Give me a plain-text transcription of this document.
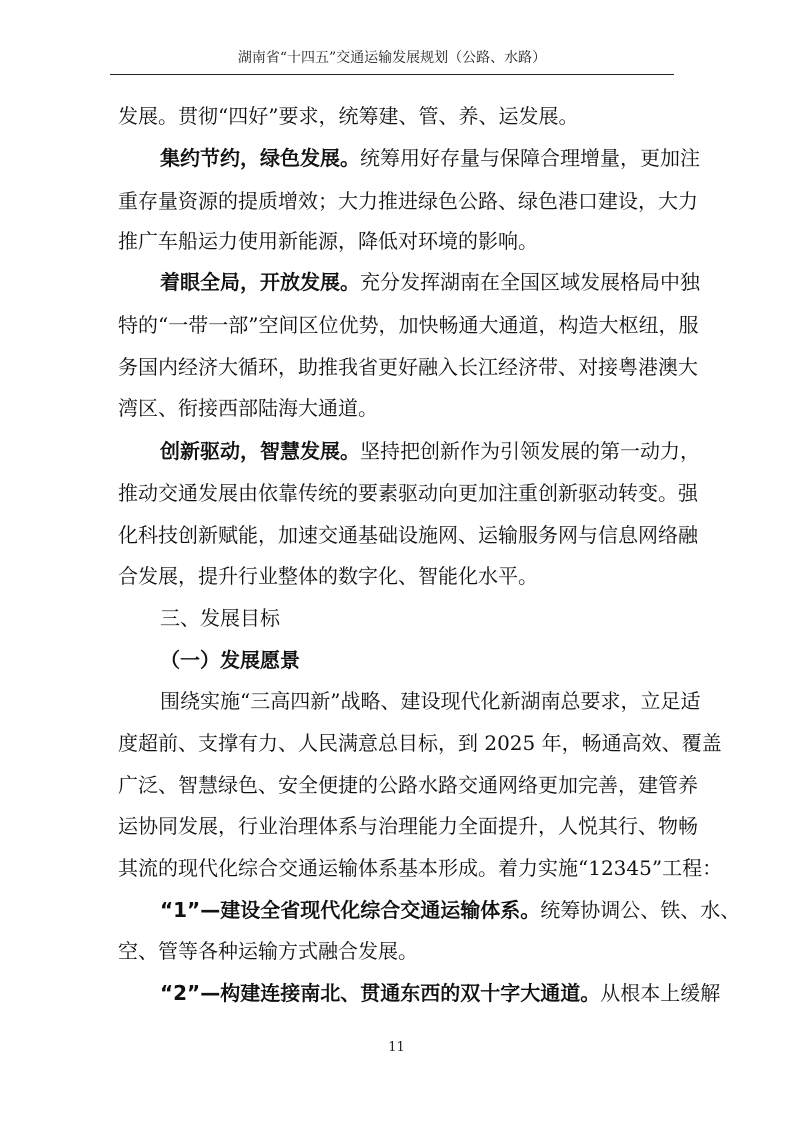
湖南省“十四五”交通运输发展规划（公路、水路）
发展。贯彻“四好”要求，统筹建、管、养、运发展。
集约节约，绿色发展。统筹用好存量与保障合理增量，更加注
重存量资源的提质增效；大力推进绿色公路、绿色港口建设，大力
推广车船运力使用新能源，降低对环境的影响。
着眼全局，开放发展。充分发挥湖南在全国区域发展格局中独
特的“一带一部”空间区位优势，加快畅通大通道，构造大枢纽，服
务国内经济大循环，助推我省更好融入长江经济带、对接粤港澳大
湾区、衔接西部陆海大通道。
创新驱动，智慧发展。坚持把创新作为引领发展的第一动力，
推动交通发展由依靠传统的要素驱动向更加注重创新驱动转变。强
化科技创新赋能，加速交通基础设施网、运输服务网与信息网络融
合发展，提升行业整体的数字化、智能化水平。
三、发展目标
（一）发展愿景
围绕实施“三高四新”战略、建设现代化新湖南总要求，立足适
度超前、支撑有力、人民满意总目标，到 2025 年，畅通高效、覆盖
广泛、智慧绿色、安全便捷的公路水路交通网络更加完善，建管养
运协同发展，行业治理体系与治理能力全面提升，人悦其行、物畅
其流的现代化综合交通运输体系基本形成。着力实施“12345”工程：
“1”—建设全省现代化综合交通运输体系。统筹协调公、铁、水、
空、管等各种运输方式融合发展。
“2”—构建连接南北、贯通东西的双十字大通道。从根本上缓解
11
